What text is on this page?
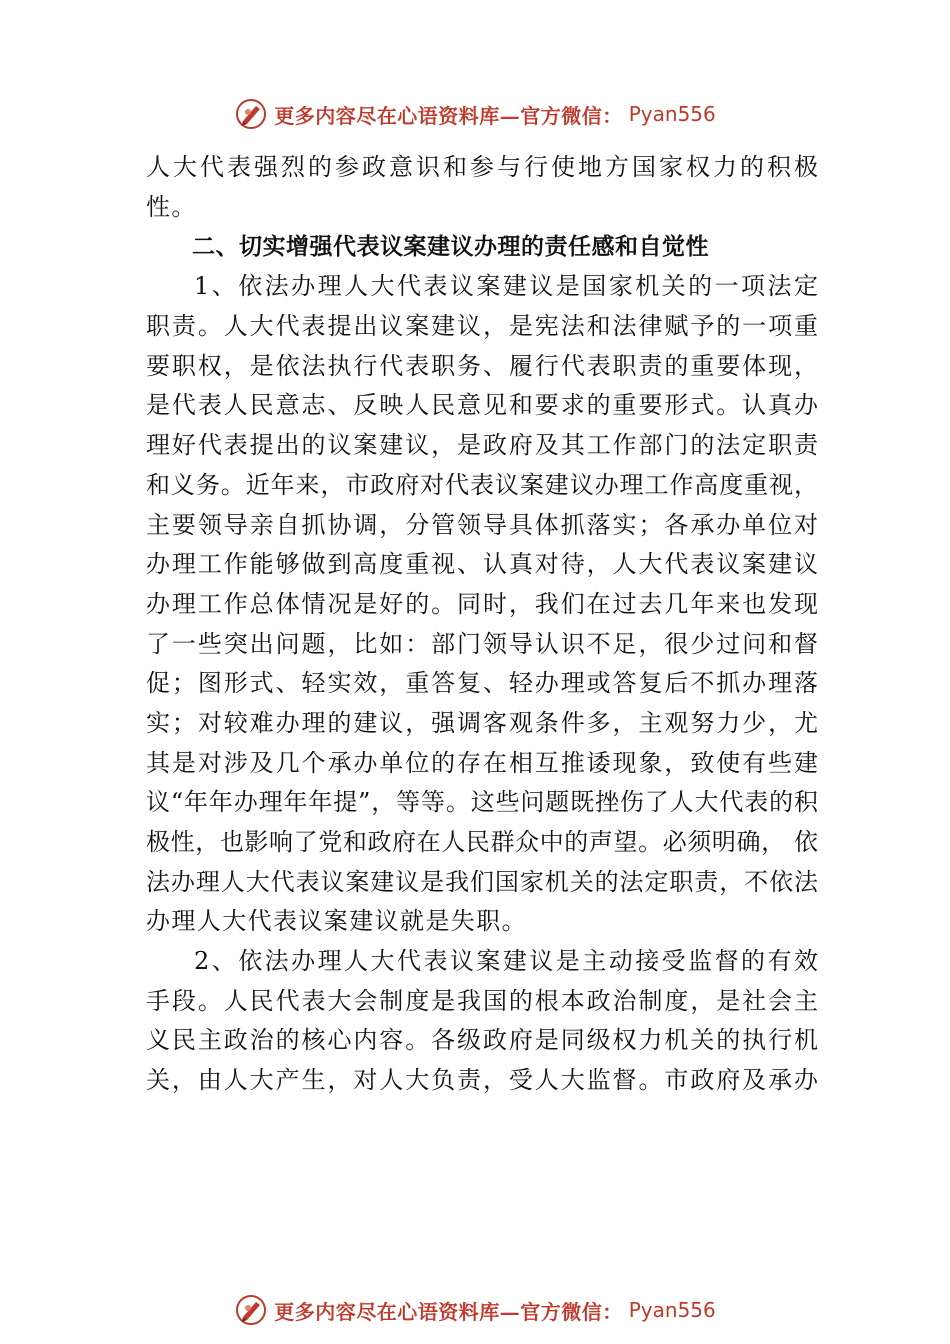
更多内容尽在心语资料库—官方微信： Pyan556
人大代表强烈的参政意识和参与行使地方国家权力的积极
性。
二、切实增强代表议案建议办理的责任感和自觉性
1、依法办理人大代表议案建议是国家机关的一项法定
职责。人大代表提出议案建议，是宪法和法律赋予的一项重
要职权，是依法执行代表职务、履行代表职责的重要体现，
是代表人民意志、反映人民意见和要求的重要形式。认真办
理好代表提出的议案建议，是政府及其工作部门的法定职责
和义务。近年来，市政府对代表议案建议办理工作高度重视，
主要领导亲自抓协调，分管领导具体抓落实；各承办单位对
办理工作能够做到高度重视、认真对待，人大代表议案建议
办理工作总体情况是好的。同时，我们在过去几年来也发现
了一些突出问题，比如：部门领导认识不足，很少过问和督
促；图形式、轻实效，重答复、轻办理或答复后不抓办理落
实；对较难办理的建议，强调客观条件多，主观努力少，尤
其是对涉及几个承办单位的存在相互推诿现象，致使有些建
议“年年办理年年提”，等等。这些问题既挫伤了人大代表的积
极性，也影响了党和政府在人民群众中的声望。必须明确， 依
法办理人大代表议案建议是我们国家机关的法定职责，不依法
办理人大代表议案建议就是失职。
2、依法办理人大代表议案建议是主动接受监督的有效
手段。人民代表大会制度是我国的根本政治制度，是社会主
义民主政治的核心内容。各级政府是同级权力机关的执行机
关，由人大产生，对人大负责，受人大监督。市政府及承办
更多内容尽在心语资料库—官方微信： Pyan556
